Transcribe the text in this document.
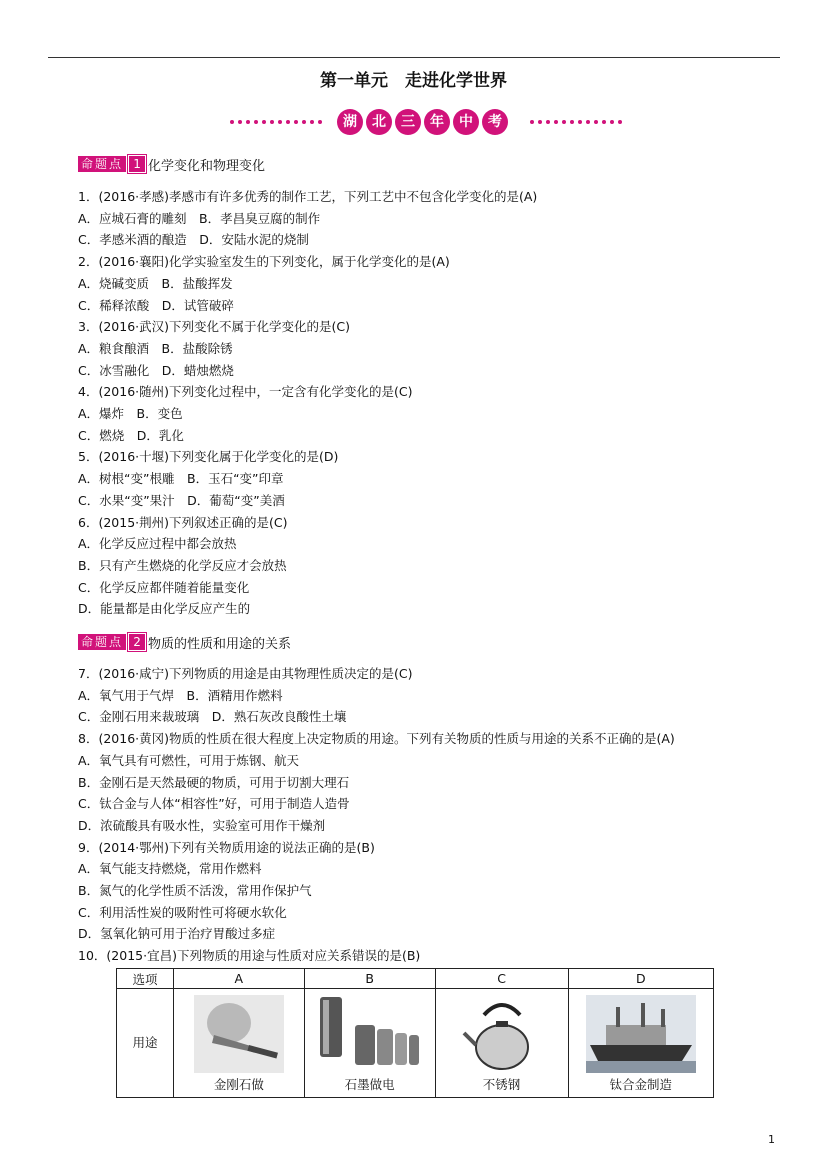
第一单元　走进化学世界
湖	北	三	年	中	考
命题点 1 化学变化和物理变化
1．(2016·孝感)孝感市有许多优秀的制作工艺，下列工艺中不包含化学变化的是(A)
A．应城石膏的雕刻　B．孝昌臭豆腐的制作
C．孝感米酒的酿造　D．安陆水泥的烧制
2．(2016·襄阳)化学实验室发生的下列变化，属于化学变化的是(A)
A．烧碱变质　B．盐酸挥发
C．稀释浓酸　D．试管破碎
3．(2016·武汉)下列变化不属于化学变化的是(C)
A．粮食酿酒　B．盐酸除锈
C．冰雪融化　D．蜡烛燃烧
4．(2016·随州)下列变化过程中，一定含有化学变化的是(C)
A．爆炸　B．变色
C．燃烧　D．乳化
5．(2016·十堰)下列变化属于化学变化的是(D)
A．树根“变”根雕　B．玉石“变”印章
C．水果“变”果汁　D．葡萄“变”美酒
6．(2015·荆州)下列叙述正确的是(C)
A．化学反应过程中都会放热
B．只有产生燃烧的化学反应才会放热
C．化学反应都伴随着能量变化
D．能量都是由化学反应产生的
命题点 2 物质的性质和用途的关系
7．(2016·咸宁)下列物质的用途是由其物理性质决定的是(C)
A．氧气用于气焊　B．酒精用作燃料
C．金刚石用来裁玻璃　D．熟石灰改良酸性土壤
8．(2016·黄冈)物质的性质在很大程度上决定物质的用途。下列有关物质的性质与用途的关系不正确的是(A)
A．氧气具有可燃性，可用于炼钢、航天
B．金刚石是天然最硬的物质，可用于切割大理石
C．钛合金与人体“相容性”好，可用于制造人造骨
D．浓硫酸具有吸水性，实验室可用作干燥剂
9．(2014·鄂州)下列有关物质用途的说法正确的是(B)
A．氧气能支持燃烧，常用作燃料
B．氮气的化学性质不活泼，常用作保护气
C．利用活性炭的吸附性可将硬水软化
D．氢氧化钠可用于治疗胃酸过多症
10．(2015·宜昌)下列物质的用途与性质对应关系错误的是(B)
选项	A	B	C	D

用途	金刚石做	石墨做电	不锈钢	钛合金制造
1
